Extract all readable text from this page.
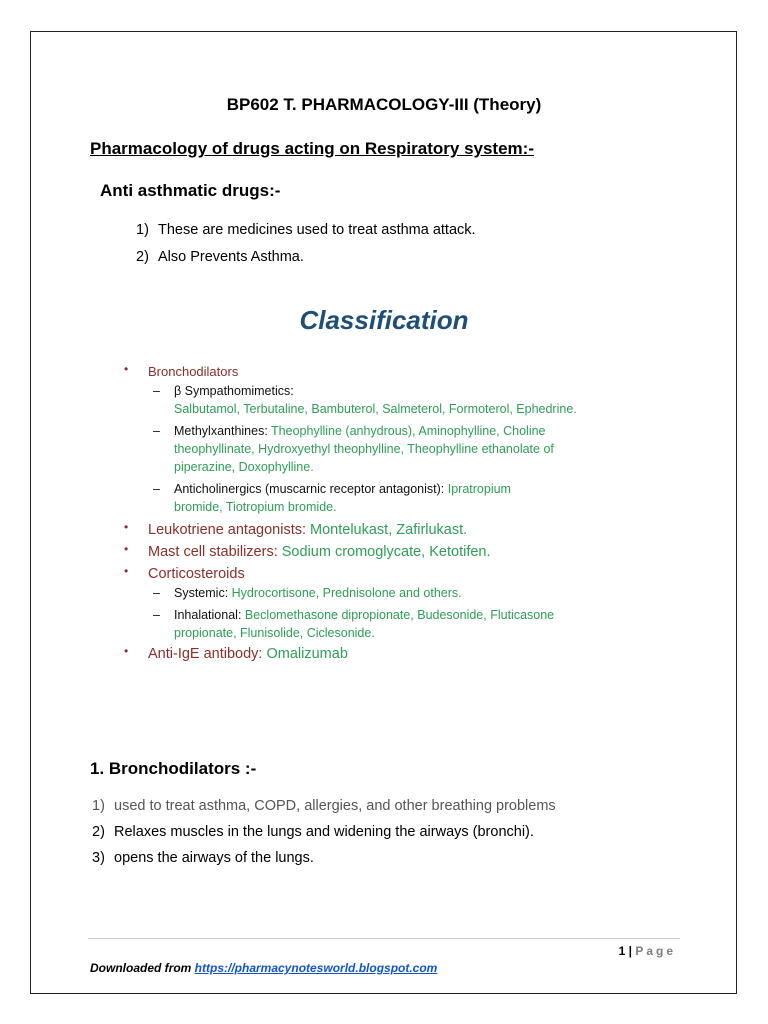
BP602 T. PHARMACOLOGY-III (Theory)
Pharmacology of drugs acting on Respiratory system:-
Anti asthmatic drugs:-
1) These are medicines used to treat asthma attack.
2) Also Prevents Asthma.
Classification
• Bronchodilators
– β Sympathomimetics:
Salbutamol, Terbutaline, Bambuterol, Salmeterol, Formoterol, Ephedrine.
– Methylxanthines: Theophylline (anhydrous), Aminophylline, Choline
theophyllinate, Hydroxyethyl theophylline, Theophylline ethanolate of
piperazine, Doxophylline.
– Anticholinergics (muscarnic receptor antagonist): Ipratropium
bromide, Tiotropium bromide.
• Leukotriene antagonists: Montelukast, Zafirlukast.
• Mast cell stabilizers: Sodium cromoglycate, Ketotifen.
• Corticosteroids
– Systemic: Hydrocortisone, Prednisolone and others.
– Inhalational: Beclomethasone dipropionate, Budesonide, Fluticasone
propionate, Flunisolide, Ciclesonide.
• Anti-IgE antibody: Omalizumab
1. Bronchodilators :-
1) used to treat asthma, COPD, allergies, and other breathing problems
2) Relaxes muscles in the lungs and widening the airways (bronchi).
3) opens the airways of the lungs.
1 | Page
Downloaded from https://pharmacynotesworld.blogspot.com
